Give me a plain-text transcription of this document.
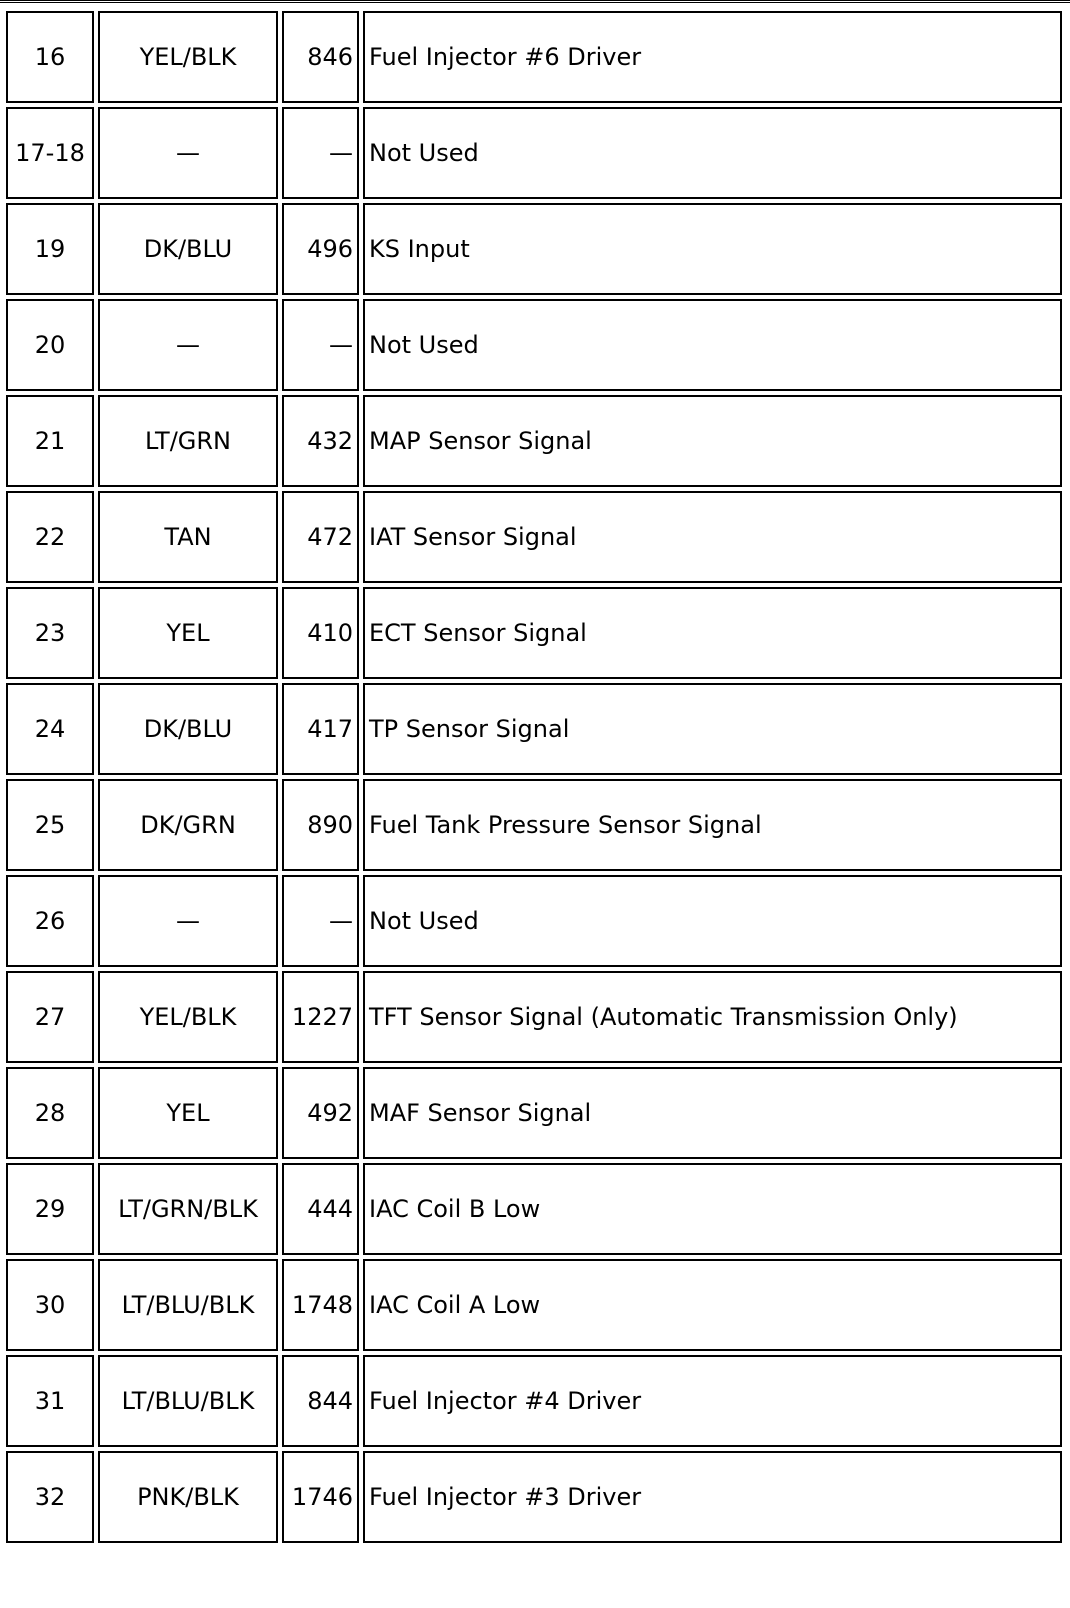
16	YEL/BLK	846	Fuel Injector #6 Driver
17-18	—	—	Not Used
19	DK/BLU	496	KS Input
20	—	—	Not Used
21	LT/GRN	432	MAP Sensor Signal
22	TAN	472	IAT Sensor Signal
23	YEL	410	ECT Sensor Signal
24	DK/BLU	417	TP Sensor Signal
25	DK/GRN	890	Fuel Tank Pressure Sensor Signal
26	—	—	Not Used
27	YEL/BLK	1227	TFT Sensor Signal (Automatic Transmission Only)
28	YEL	492	MAF Sensor Signal
29	LT/GRN/BLK	444	IAC Coil B Low
30	LT/BLU/BLK	1748	IAC Coil A Low
31	LT/BLU/BLK	844	Fuel Injector #4 Driver
32	PNK/BLK	1746	Fuel Injector #3 Driver
